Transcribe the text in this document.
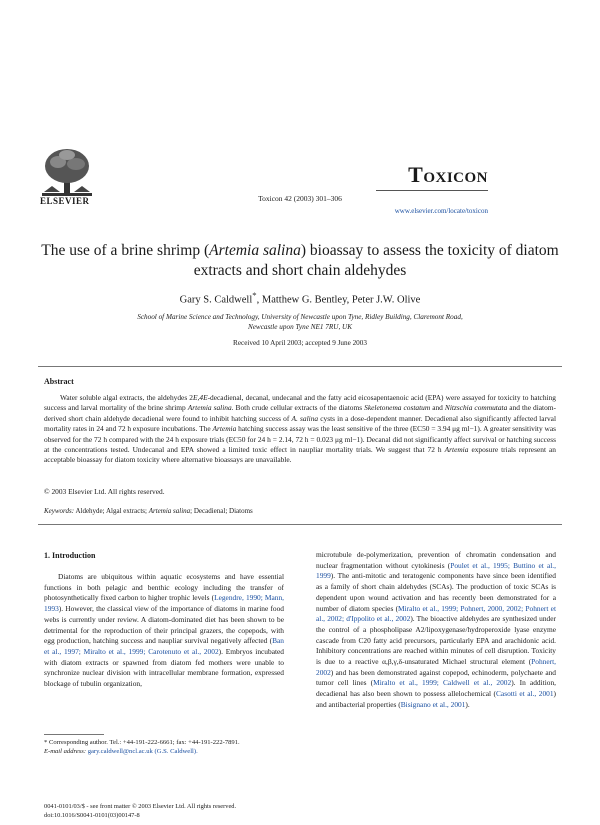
ELSEVIER	Toxicon 42 (2003) 301–306
Toxicon
www.elsevier.com/locate/toxicon
The use of a brine shrimp (Artemia salina) bioassay to assess the toxicity of diatom extracts and short chain aldehydes
Gary S. Caldwell*, Matthew G. Bentley, Peter J.W. Olive
School of Marine Science and Technology, University of Newcastle upon Tyne, Ridley Building, Claremont Road,
Newcastle upon Tyne NE1 7RU, UK
Received 10 April 2003; accepted 9 June 2003
Abstract
Water soluble algal extracts, the aldehydes 2E,4E-decadienal, decanal, undecanal and the fatty acid eicosapentaenoic acid (EPA) were assayed for toxicity to hatching success and larval mortality of the brine shrimp Artemia salina. Both crude cellular extracts of the diatoms Skeletonema costatum and Nitzschia commutata and the diatom-derived short chain aldehyde decadienal were found to inhibit hatching success of A. salina cysts in a dose-dependent manner. Decadienal also significantly affected larval mortality rates in 24 and 72 h exposure incubations. The Artemia hatching success assay was the least sensitive of the three (EC50 = 3.94 μg ml−1). A greater sensitivity was observed for the 72 h compared with the 24 h exposure trials (EC50 for 24 h = 2.14, 72 h = 0.023 μg ml−1). Decanal did not significantly affect survival or hatching success at the concentrations tested. Undecanal and EPA showed a limited toxic effect in naupliar mortality trials. We suggest that 72 h Artemia exposure trials represent an acceptable bioassay for diatom toxicity where alternative bioassays are unavailable.
© 2003 Elsevier Ltd. All rights reserved.
Keywords: Aldehyde; Algal extracts; Artemia salina; Decadienal; Diatoms
1. Introduction
Diatoms are ubiquitous within aquatic ecosystems and have essential functions in both pelagic and benthic ecology including the transfer of photosynthetically fixed carbon to higher trophic levels (Legendre, 1990; Mann, 1993). However, the classical view of the importance of diatoms in marine food webs is currently under review. A diatom-dominated diet has been shown to be detrimental for the reproduction of their principal grazers, the copepods, with egg production, hatching success and naupliar survival negatively affected (Ban et al., 1997; Miralto et al., 1999; Carotenuto et al., 2002). Embryos incubated with diatom extracts or spawned from diatom fed mothers were unable to synchronize nuclear division with intracellular membrane formation, expressed blockage of tubulin organization,
microtubule de-polymerization, prevention of chromatin condensation and nuclear fragmentation without cytokinesis (Poulet et al., 1995; Buttino et al., 1999). The anti-mitotic and teratogenic components have since been identified as a family of short chain aldehydes (SCAs). The production of toxic SCAs is dependent upon wound activation and has recently been demonstrated for a number of diatom species (Miralto et al., 1999; Pohnert, 2000, 2002; Pohnert et al., 2002; d'Ippolito et al., 2002). The bioactive aldehydes are synthesized under the control of a phospholipase A2/lipoxygenase/hydroperoxide lyase enzyme cascade from C20 fatty acid precursors, particularly EPA and arachidonic acid. Inhibitory concentrations are reached within minutes of cell disruption. Toxicity is due to a reactive α,β,γ,δ-unsaturated Michael structural element (Pohnert, 2002) and has been demonstrated against copepod, echinoderm, polychaete and tumor cell lines (Miralto et al., 1999; Caldwell et al., 2002). In addition, decadienal has also been shown to possess allelochemical (Casotti et al., 2001) and antibacterial properties (Bisignano et al., 2001).

* Corresponding author. Tel.: +44-191-222-6661; fax: +44-191-222-7891.

E-mail address: gary.caldwell@ncl.ac.uk (G.S. Caldwell).

0041-0101/03/$ - see front matter © 2003 Elsevier Ltd. All rights reserved.
doi:10.1016/S0041-0101(03)00147-8
